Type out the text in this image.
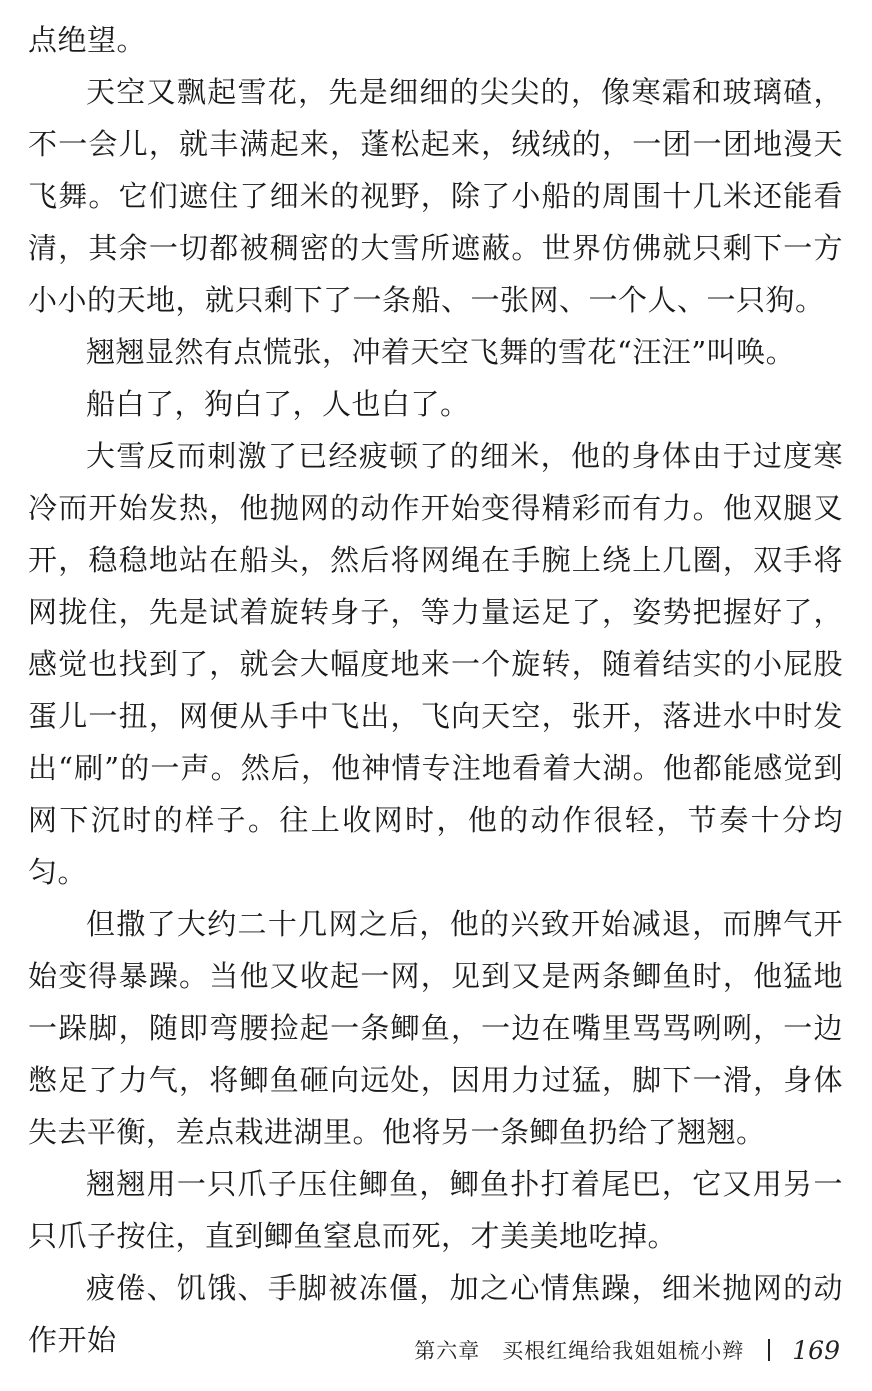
点绝望。

天空又飘起雪花，先是细细的尖尖的，像寒霜和玻璃碴，不一会儿，就丰满起来，蓬松起来，绒绒的，一团一团地漫天飞舞。它们遮住了细米的视野，除了小船的周围十几米还能看清，其余一切都被稠密的大雪所遮蔽。世界仿佛就只剩下一方小小的天地，就只剩下了一条船、一张网、一个人、一只狗。

翘翘显然有点慌张，冲着天空飞舞的雪花“汪汪”叫唤。

船白了，狗白了，人也白了。

大雪反而刺激了已经疲顿了的细米，他的身体由于过度寒冷而开始发热，他抛网的动作开始变得精彩而有力。他双腿叉开，稳稳地站在船头，然后将网绳在手腕上绕上几圈，双手将网拢住，先是试着旋转身子，等力量运足了，姿势把握好了，感觉也找到了，就会大幅度地来一个旋转，随着结实的小屁股蛋儿一扭，网便从手中飞出，飞向天空，张开，落进水中时发出“刷”的一声。然后，他神情专注地看着大湖。他都能感觉到网下沉时的样子。往上收网时，他的动作很轻，节奏十分均匀。

但撒了大约二十几网之后，他的兴致开始减退，而脾气开始变得暴躁。当他又收起一网，见到又是两条鲫鱼时，他猛地一跺脚，随即弯腰捡起一条鲫鱼，一边在嘴里骂骂咧咧，一边憋足了力气，将鲫鱼砸向远处，因用力过猛，脚下一滑，身体失去平衡，差点栽进湖里。他将另一条鲫鱼扔给了翘翘。

翘翘用一只爪子压住鲫鱼，鲫鱼扑打着尾巴，它又用另一只爪子按住，直到鲫鱼窒息而死，才美美地吃掉。

疲倦、饥饿、手脚被冻僵，加之心情焦躁，细米抛网的动作开始	第六章 买根红绳给我姐姐梳小辫 169
